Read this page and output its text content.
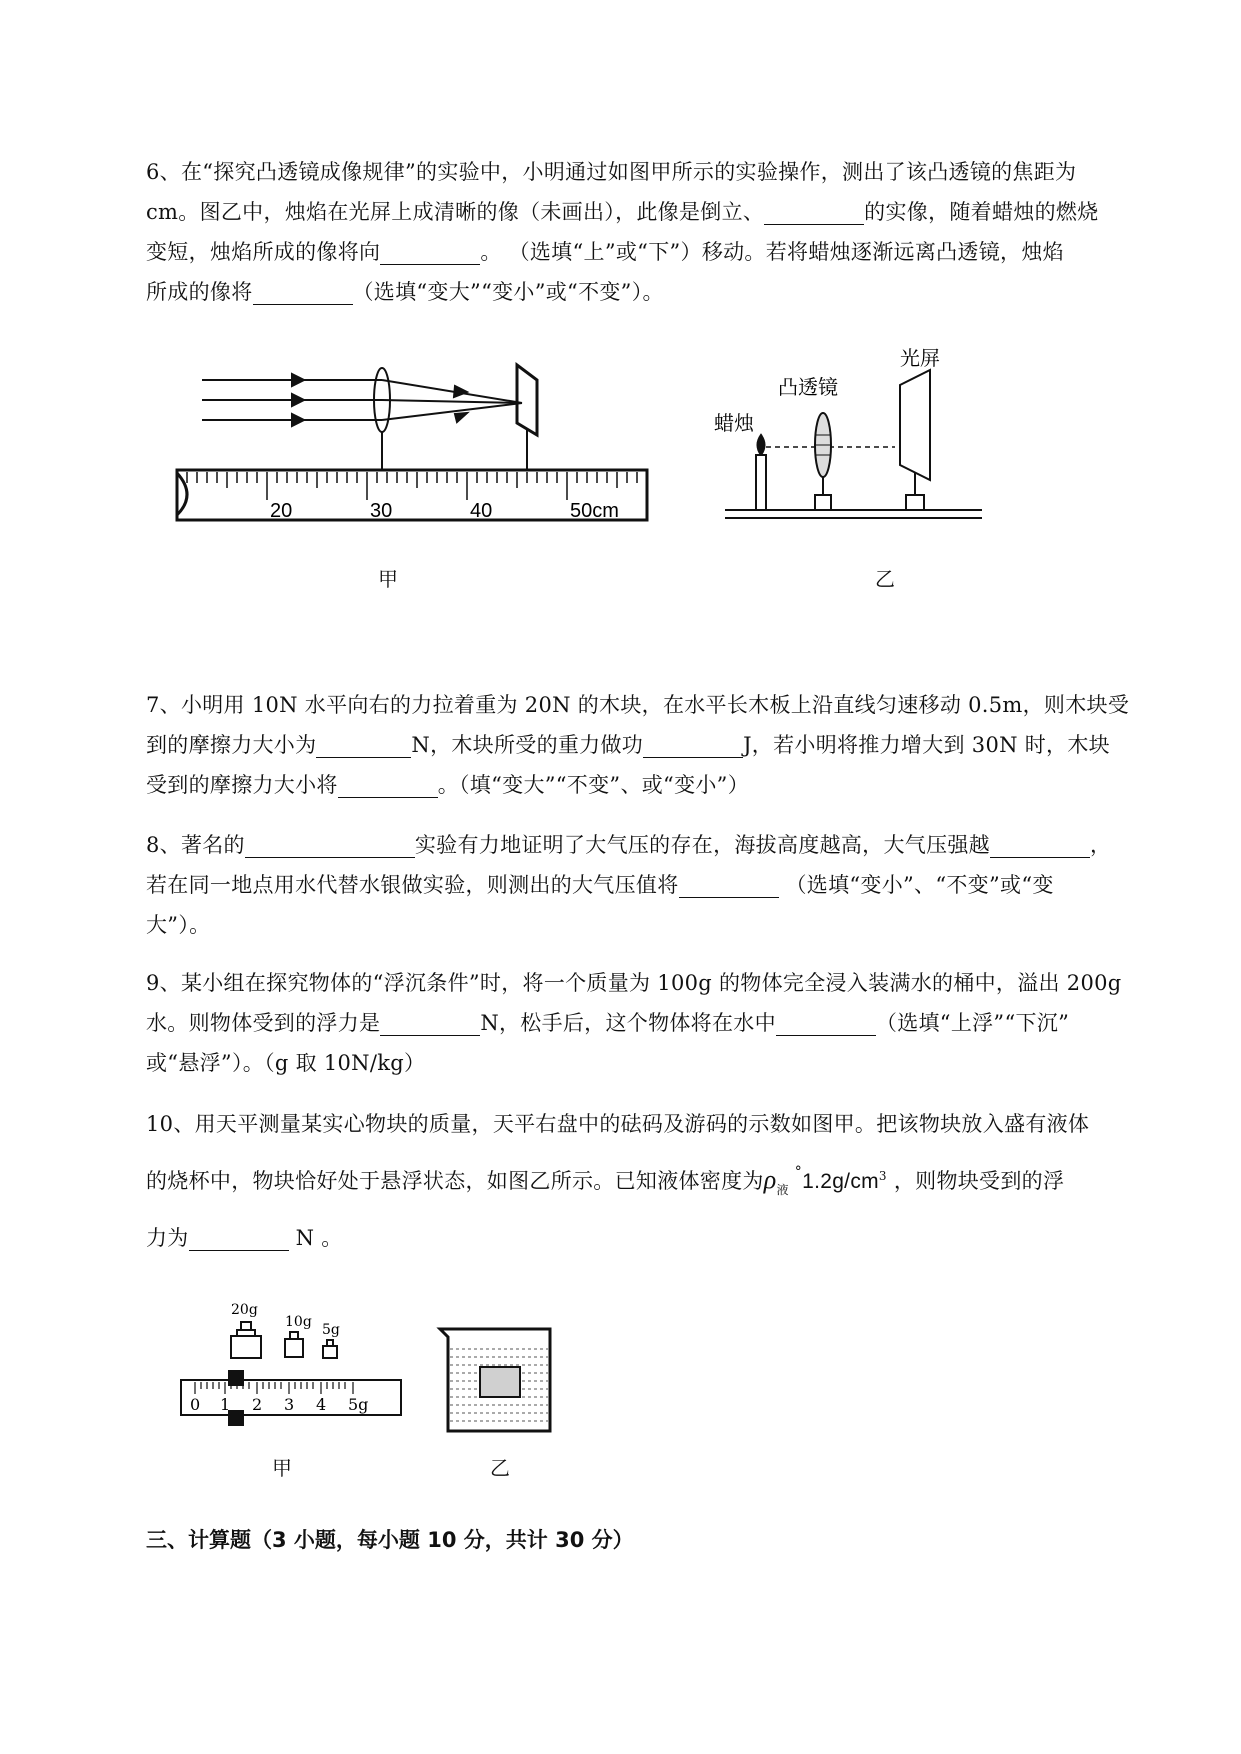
6、在“探究凸透镜成像规律”的实验中，小明通过如图甲所示的实验操作，测出了该凸透镜的焦距为
cm。图乙中，烛焰在光屏上成清晰的像（未画出），此像是倒立、	的实像，随着蜡烛的燃烧
变短，烛焰所成的像将向	。 （选填“上”或“下”）移动。若将蜡烛逐渐远离凸透镜，烛焰
所成的像将	（选填“变大”“变小”或“不变”）。
20	30	40	50cm
甲
蜡烛
凸透镜
光屏
乙
7、小明用 10N 水平向右的力拉着重为 20N 的木块，在水平长木板上沿直线匀速移动 0.5m，则木块受
到的摩擦力大小为	N，木块所受的重力做功	J，若小明将推力增大到 30N 时，木块
受到的摩擦力大小将	。（填“变大”“不变”、或“变小”）
8、著名的	实验有力地证明了大气压的存在，海拔高度越高，大气压强越	，
若在同一地点用水代替水银做实验，则测出的大气压值将	（选填“变小”、“不变”或“变
大”）。
9、某小组在探究物体的“浮沉条件”时，将一个质量为 100g 的物体完全浸入装满水的桶中，溢出 200g
水。则物体受到的浮力是	N，松手后，这个物体将在水中	（选填“上浮”“下沉”
或“悬浮”）。（g 取 10N/kg）
10、用天平测量某实心物块的质量，天平右盘中的砝码及游码的示数如图甲。把该物块放入盛有液体
的烧杯中，物块恰好处于悬浮状态，如图乙所示。已知液体密度为$\rho_液^\circ 1.2g/cm^3$ ，则物块受到的浮
力为	N 。
20g
10g 5g
0 1 2 3 4 5g
甲	乙
三、计算题（3 小题，每小题 10 分，共计 30 分）
